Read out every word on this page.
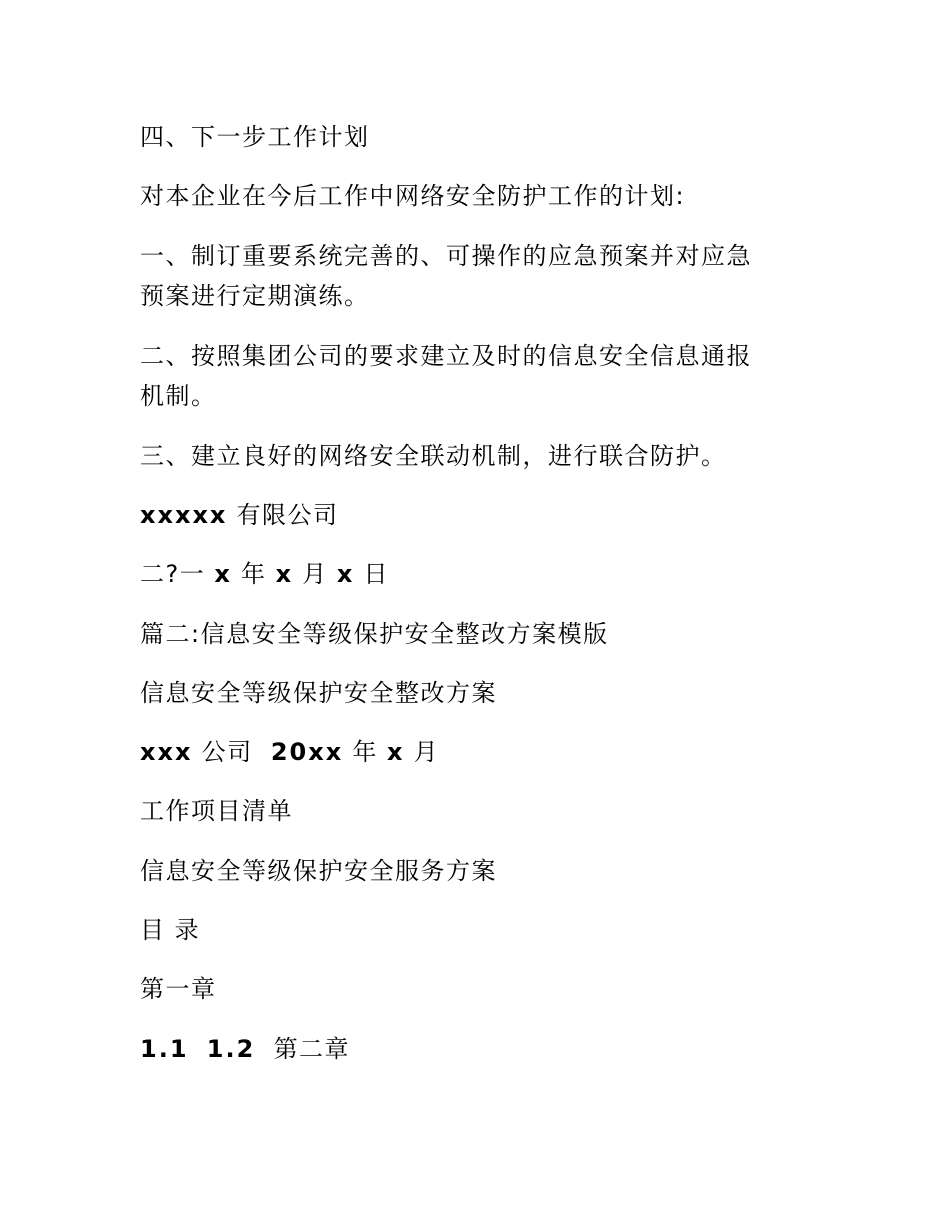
四、下一步工作计划
对本企业在今后工作中网络安全防护工作的计划:
一、制订重要系统完善的、可操作的应急预案并对应急
预案进行定期演练。
二、按照集团公司的要求建立及时的信息安全信息通报
机制。
三、建立良好的网络安全联动机制，进行联合防护。
xxxxx 有限公司
二?一 x 年 x 月 x 日
篇二:信息安全等级保护安全整改方案模版
信息安全等级保护安全整改方案
xxx 公司 20xx 年 x 月
工作项目清单
信息安全等级保护安全服务方案
目 录
第一章
1.1 1.2 第二章
